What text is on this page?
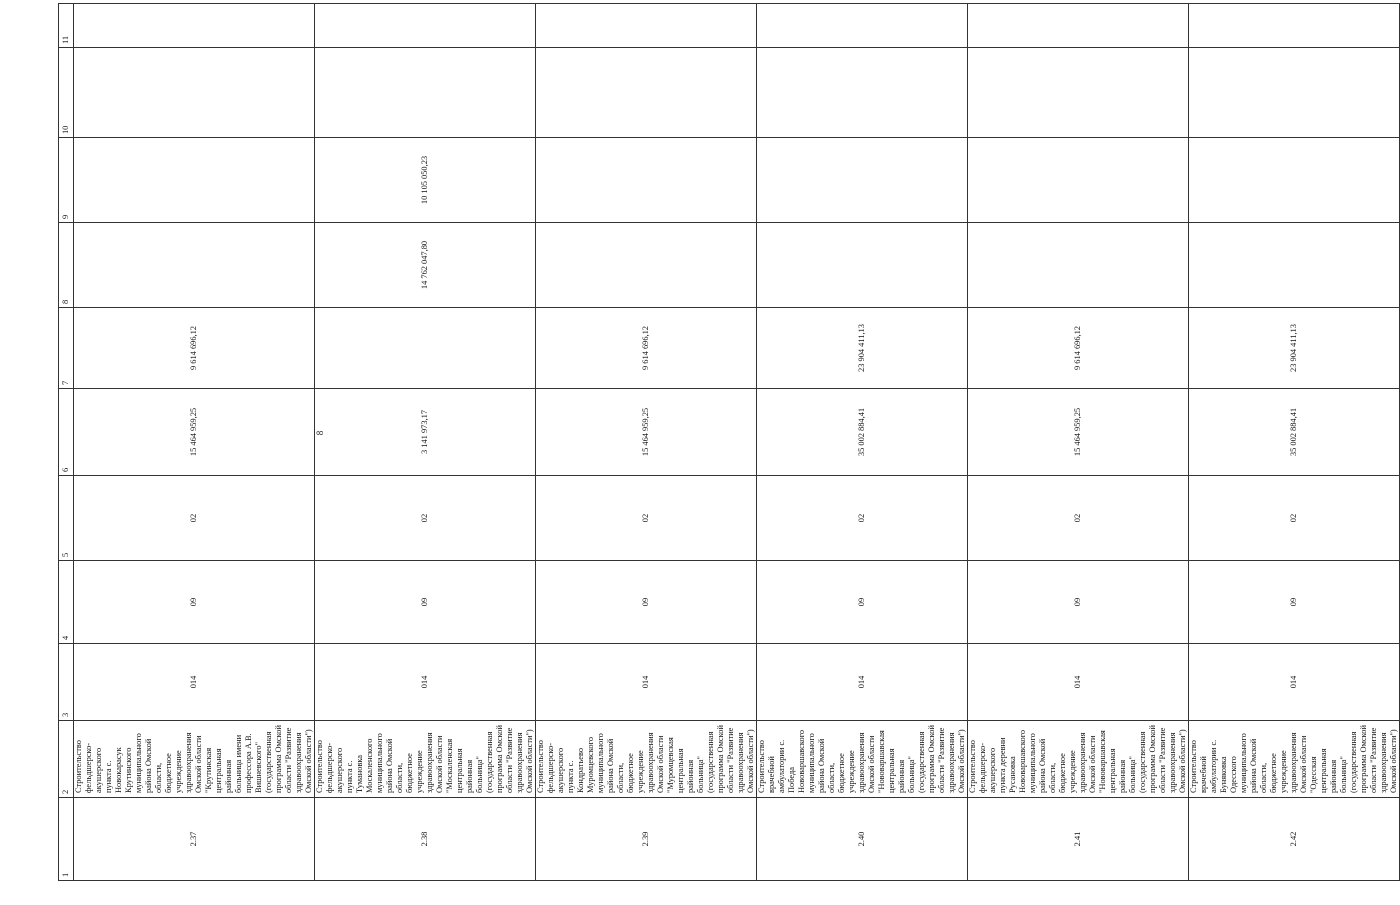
8
1	2	3	4	5	6	7	8	9	10	11
2.37	Строительство фельдшерско-акушерского пункта с. Новокарасук Крутинского муниципального района Омской области, бюджетное учреждение здравоохранения Омской области "Крутинская центральная районная больница имени профессора А.В. Вишневского" (государственная программа Омской области "Развитие здравоохранения Омской области")	014	09	02	15 464 959,25	9 614 696,12				
2.38	Строительство фельдшерско-акушерского пункта с. Тумановка Москаленского муниципального района Омской области, бюджетное учреждение здравоохранения Омской области "Москаленская центральная районная больница" (государственная программа Омской области "Развитие здравоохранения Омской области")	014	09	02	3 141 973,17		14 762 047,80	10 105 050,23		
2.39	Строительство фельдшерско-акушерского пункта с. Кондратьево Муромцевского муниципального района Омской области, бюджетное учреждение здравоохранения Омской области "Муромцевская центральная районная больница" (государственная программа Омской области "Развитие здравоохранения Омской области")	014	09	02	15 464 959,25	9 614 696,12				
2.40	Строительство врачебной амбулатории с. Победа Нововаршавского муниципального района Омской области, бюджетное учреждение здравоохранения Омской области "Нововаршавская центральная районная больница" (государственная программа Омской области "Развитие здравоохранения Омской области")	014	09	02	35 002 884,41	23 904 411,13				
2.41	Строительство фельдшерско-акушерского пункта деревни Русановка Нововаршавского муниципального района Омской области, бюджетное учреждение здравоохранения Омской области "Нововаршавская центральная районная больница" (государственная программа Омской области "Развитие здравоохранения Омской области")	014	09	02	15 464 959,25	9 614 696,12				
2.42	Строительство врачебной амбулатории с. Буняковка Одесского муниципального района Омской области, бюджетное учреждение здравоохранения Омской области "Одесская центральная районная больница" (государственная программа Омской области "Развитие здравоохранения Омской области")	014	09	02	35 002 884,41	23 904 411,13				
